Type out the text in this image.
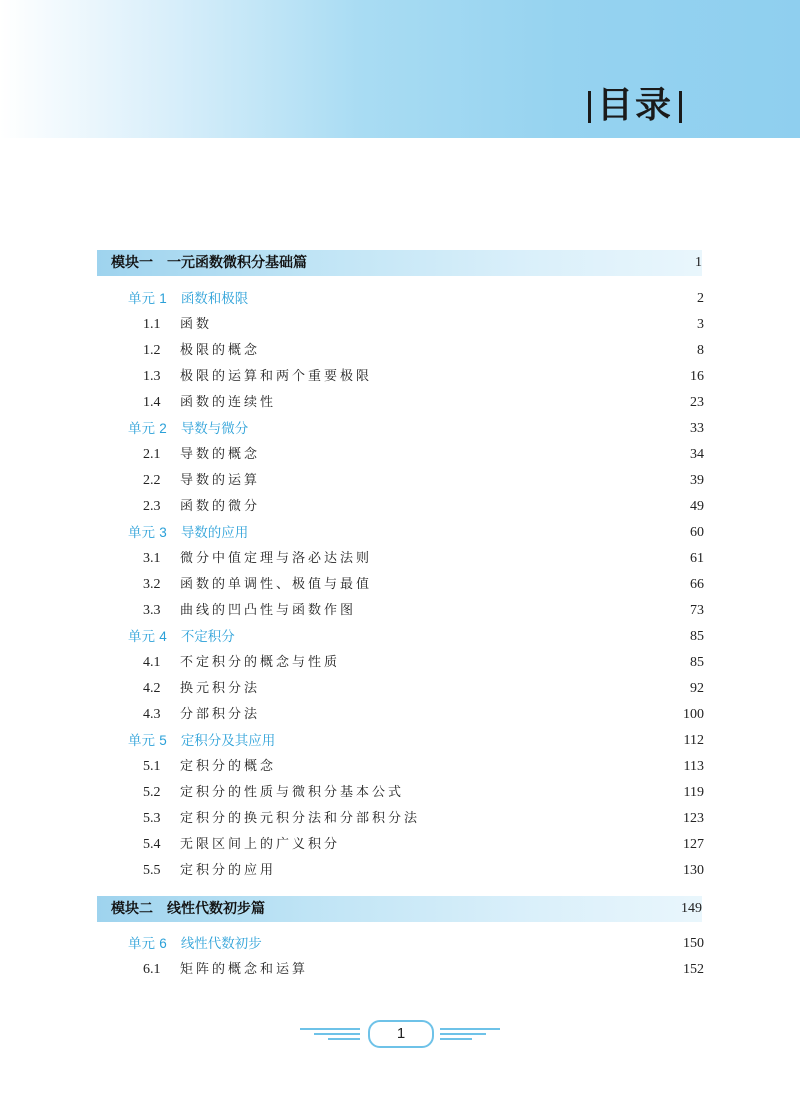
目录
模块一　一元函数微积分基础篇	1
单元 1 函数和极限	2
1.1	函数	3
1.2	极限的概念	8
1.3	极限的运算和两个重要极限	16
1.4	函数的连续性	23
单元 2 导数与微分	33
2.1	导数的概念	34
2.2	导数的运算	39
2.3	函数的微分	49
单元 3 导数的应用	60
3.1	微分中值定理与洛必达法则	61
3.2	函数的单调性、极值与最值	66
3.3	曲线的凹凸性与函数作图	73
单元 4 不定积分	85
4.1	不定积分的概念与性质	85
4.2	换元积分法	92
4.3	分部积分法	100
单元 5 定积分及其应用	112
5.1	定积分的概念	113
5.2	定积分的性质与微积分基本公式	119
5.3	定积分的换元积分法和分部积分法	123
5.4	无限区间上的广义积分	127
5.5	定积分的应用	130
模块二　线性代数初步篇	149
单元 6 线性代数初步	150
6.1	矩阵的概念和运算	152
1
